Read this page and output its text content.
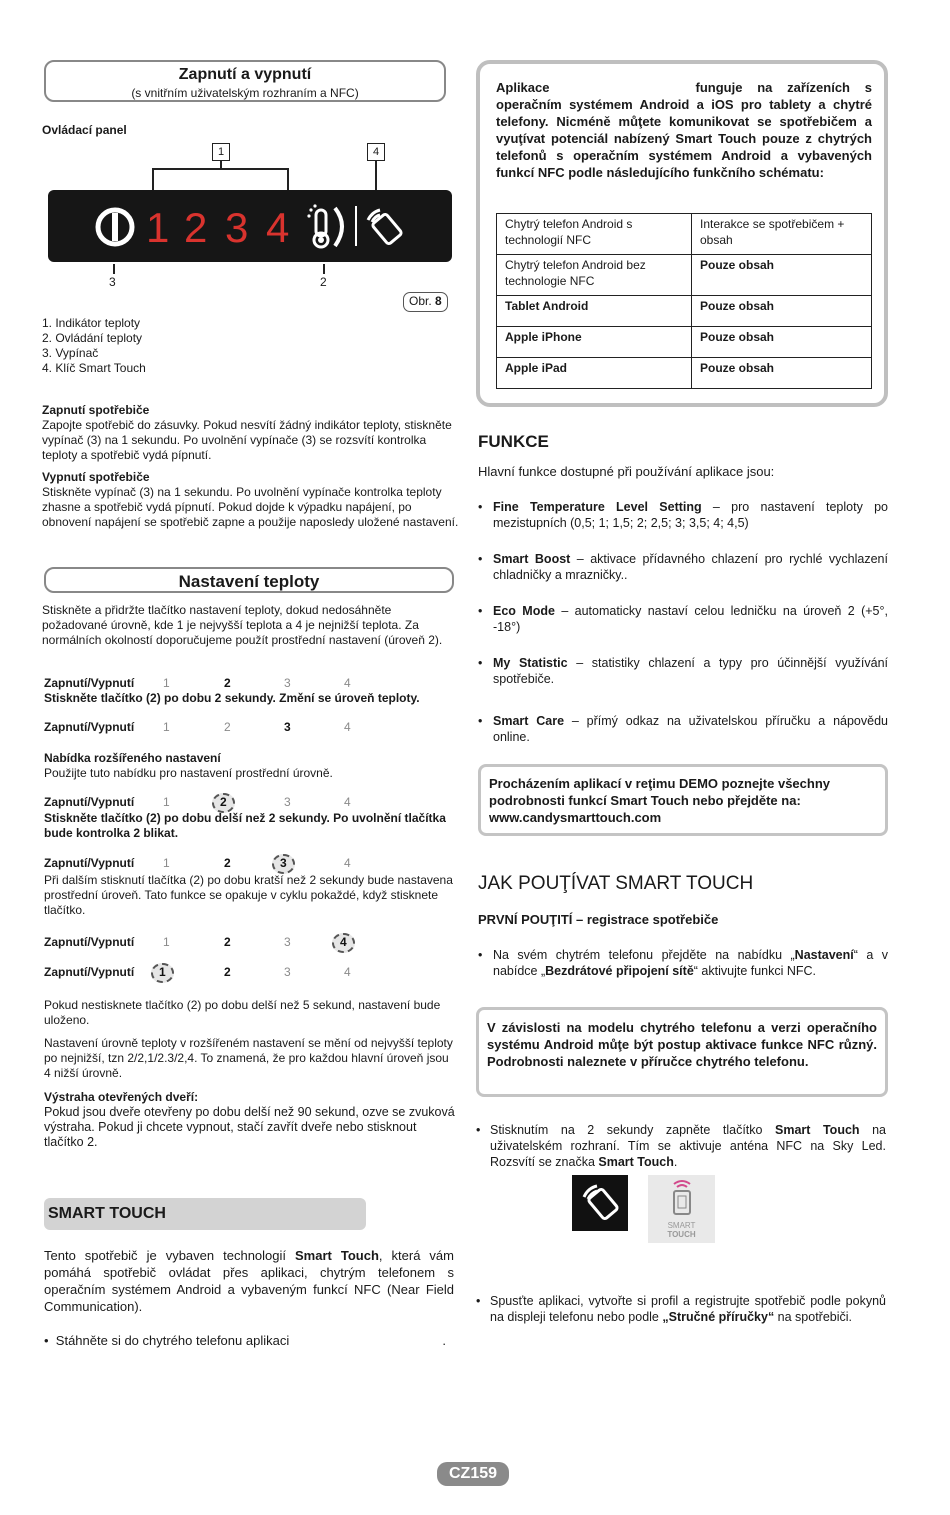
Zapnutí a vypnutí
(s vnitřním uživatelským rozhraním a NFC)
Ovládací panel
1	4
1 2 3 4
3	2
Obr. 8
1. Indikátor teploty
2. Ovládání teploty
3. Vypínač
4. Klíč Smart Touch
Zapnutí spotřebiče
Zapojte spotřebič do zásuvky. Pokud nesvítí žádný indikátor teploty, stiskněte vypínač (3) na 1 sekundu. Po uvolnění vypínače (3) se rozsvítí kontrolka teploty a spotřebič vydá pípnutí.
Vypnutí spotřebiče
Stiskněte vypínač (3) na 1 sekundu. Po uvolnění vypínače kontrolka teploty zhasne a spotřebič vydá pípnutí. Pokud dojde k výpadku napájení, po obnovení napájení se spotřebič zapne a použije naposledy uložené nastavení.
Nastavení teploty
Stiskněte a přidržte tlačítko nastavení teploty, dokud nedosáhněte požadované úrovně, kde 1 je nejvyšší teplota a 4 je nejnižší teplota. Za normálních okolností doporučujeme použít prostřední nastavení (úroveň 2).
Zapnutí/Vypnutí 1	2	3	4
Stiskněte tlačítko (2) po dobu 2 sekundy. Změní se úroveň teploty.
Zapnutí/Vypnutí 1	2	3	4
Nabídka rozšířeného nastavení
Použijte tuto nabídku pro nastavení prostřední úrovně.
Zapnutí/Vypnutí 1	2	3	4
Stiskněte tlačítko (2) po dobu delší než 2 sekundy. Po uvolnění tlačítka bude kontrolka 2 blikat.
Zapnutí/Vypnutí 1	2	3	4
Při dalším stisknutí tlačítka (2) po dobu kratší než 2 sekundy bude nastavena prostřední úroveň. Tato funkce se opakuje v cyklu pokaždé, když stisknete tlačítko.
Zapnutí/Vypnutí 1	2	3	4
Zapnutí/Vypnutí	1	2	3	4
Pokud nestisknete tlačítko (2) po dobu delší než 5 sekund, nastavení bude uloženo.
Nastavení úrovně teploty v rozšířeném nastavení se mění od nejvyšší teploty po nejnižší, tzn 2/2,1/2.3/2,4. To znamená, že pro každou hlavní úroveň jsou 4 nižší úrovně.
Výstraha otevřených dveří:
Pokud jsou dveře otevřeny po dobu delší než 90 sekund, ozve se zvuková výstraha. Pokud ji chcete vypnout, stačí zavřít dveře nebo stisknout tlačítko 2.
SMART TOUCH
Tento spotřebič je vybaven technologií Smart Touch, která vám pomáhá spotřebič ovládat přes aplikaci, chytrým telefonem s operačním systémem Android a vybaveným funkcí NFC (Near Field Communication).
•  Stáhněte si do chytrého telefonu aplikaci	.
Aplikace	funguje na zařízeních s operačním systémem Android a iOS pro tablety a chytré telefony. Nicméně můţete komunikovat se spotřebičem a vyuţívat potenciál nabízený Smart Touch pouze z chytrých telefonů s operačním systémem Android a vybavených funkcí NFC podle následujícího funkčního schématu:
Chytrý telefon Android s technologií NFC	Interakce se spotřebičem + obsah
Chytrý telefon Android bez technologie NFC	Pouze obsah
Tablet Android	Pouze obsah
Apple iPhone	Pouze obsah
Apple iPad	Pouze obsah
FUNKCE
Hlavní funkce dostupné při používání aplikace jsou:
• Fine Temperature Level Setting – pro nastavení teploty po mezistupních (0,5; 1; 1,5; 2; 2,5; 3; 3,5; 4; 4,5)
• Smart Boost – aktivace přídavného chlazení pro rychlé vychlazení chladničky a mrazničky..
• Eco Mode – automaticky nastaví celou ledničku na úroveň 2 (+5°, -18°)
• My Statistic – statistiky chlazení a typy pro účinnější využívání spotřebiče.
• Smart Care – přímý odkaz na uživatelskou příručku a nápovědu online.
Procházením aplikací v reţimu DEMO poznejte všechny podrobnosti funkcí Smart Touch nebo přejděte na: www.candysmarttouch.com
JAK POUŢÍVAT SMART TOUCH
PRVNÍ POUŢITÍ – registrace spotřebiče
• Na svém chytrém telefonu přejděte na nabídku „Nastavení“ a v nabídce „Bezdrátové připojení sítě“ aktivujte funkci NFC.
V závislosti na modelu chytrého telefonu a verzi operačního systému Android můţe být postup aktivace funkce NFC různý. Podrobnosti naleznete v příručce chytrého telefonu.
• Stisknutím na 2 sekundy zapněte tlačítko Smart Touch na uživatelském rozhraní. Tím se aktivuje anténa NFC na Sky Led. Rozsvítí se značka Smart Touch.
SMART
TOUCH
• Spusťte aplikaci, vytvořte si profil a registrujte spotřebič podle pokynů na displeji telefonu nebo podle „Stručné příručky“ na spotřebiči.
CZ159
